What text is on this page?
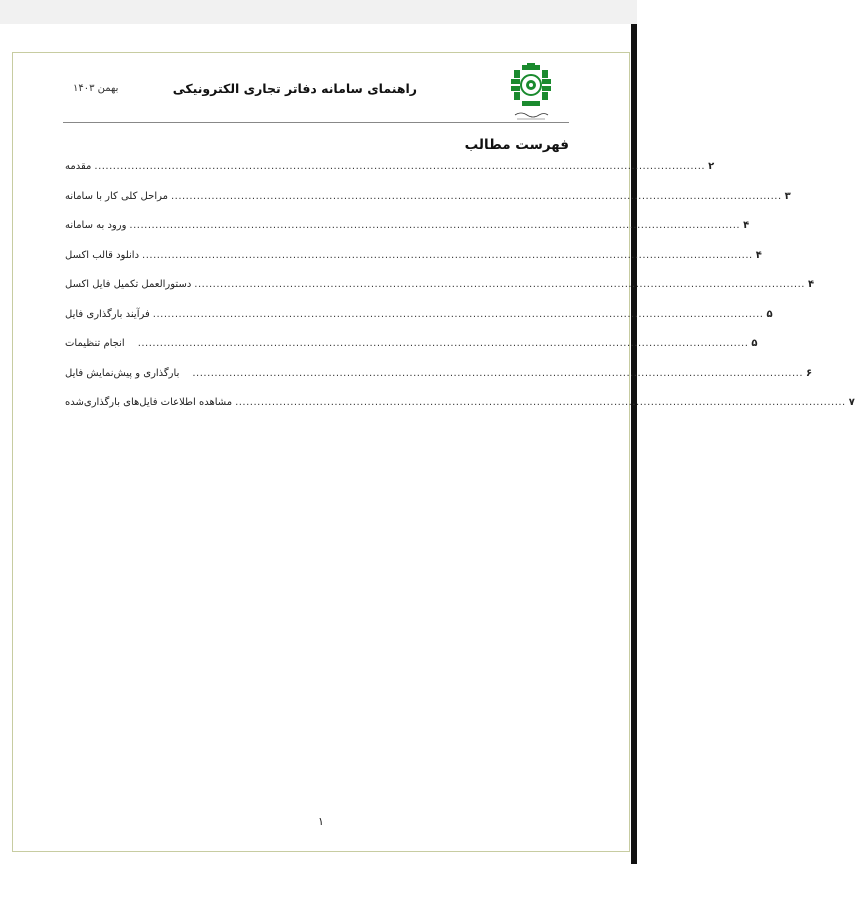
راهنمای سامانه دفاتر تجاری الکترونیکی
بهمن ۱۴۰۳
فهرست مطالب
مقدمه ...................................................................................................................................................................... ۲
مراحل کلی کار با سامانه ...................................................................................................................................................................... ۳
ورود به سامانه ...................................................................................................................................................................... ۴
دانلود قالب اکسل ...................................................................................................................................................................... ۴
دستورالعمل تکمیل فایل اکسل ...................................................................................................................................................................... ۴
فرآیند بارگذاری فایل ...................................................................................................................................................................... ۵
انجام تنظیمات ...................................................................................................................................................................... ۵
بارگذاری و پیش‌نمایش فایل ...................................................................................................................................................................... ۶
مشاهده اطلاعات فایل‌های بارگذاری‌شده ...................................................................................................................................................................... ۷
۱
